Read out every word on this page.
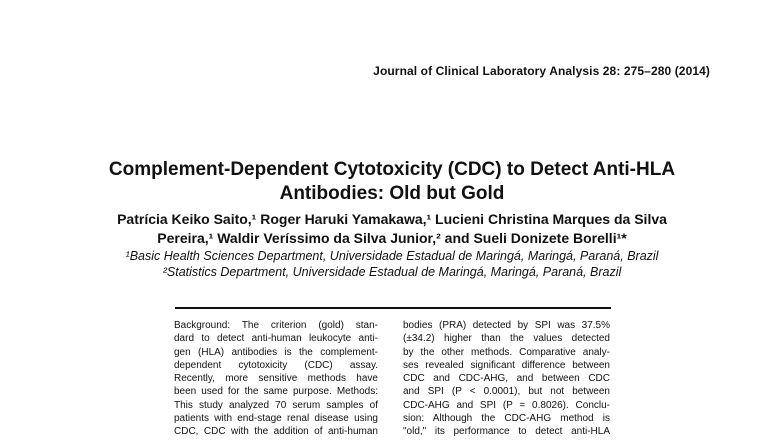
Journal of Clinical Laboratory Analysis 28: 275–280 (2014)
Complement-Dependent Cytotoxicity (CDC) to Detect Anti-HLA
Antibodies: Old but Gold
Patrícia Keiko Saito,¹ Roger Haruki Yamakawa,¹ Lucieni Christina Marques da Silva
Pereira,¹ Waldir Veríssimo da Silva Junior,² and Sueli Donizete Borelli¹*
¹Basic Health Sciences Department, Universidade Estadual de Maringá, Maringá, Paraná, Brazil
²Statistics Department, Universidade Estadual de Maringá, Maringá, Paraná, Brazil
Background: The criterion (gold) stan-
dard to detect anti-human leukocyte anti-
gen (HLA) antibodies is the complement-
dependent cytotoxicity (CDC) assay.
Recently, more sensitive methods have
been used for the same purpose. Methods:
This study analyzed 70 serum samples of
patients with end-stage renal disease using
CDC, CDC with the addition of anti-human
bodies (PRA) detected by SPI was 37.5%
(±34.2) higher than the values detected
by the other methods. Comparative analy-
ses revealed significant difference between
CDC and CDC-AHG, and between CDC
and SPI (P < 0.0001), but not between
CDC-AHG and SPI (P = 0.8026). Conclu-
sion: Although the CDC-AHG method is
"old," its performance to detect anti-HLA
